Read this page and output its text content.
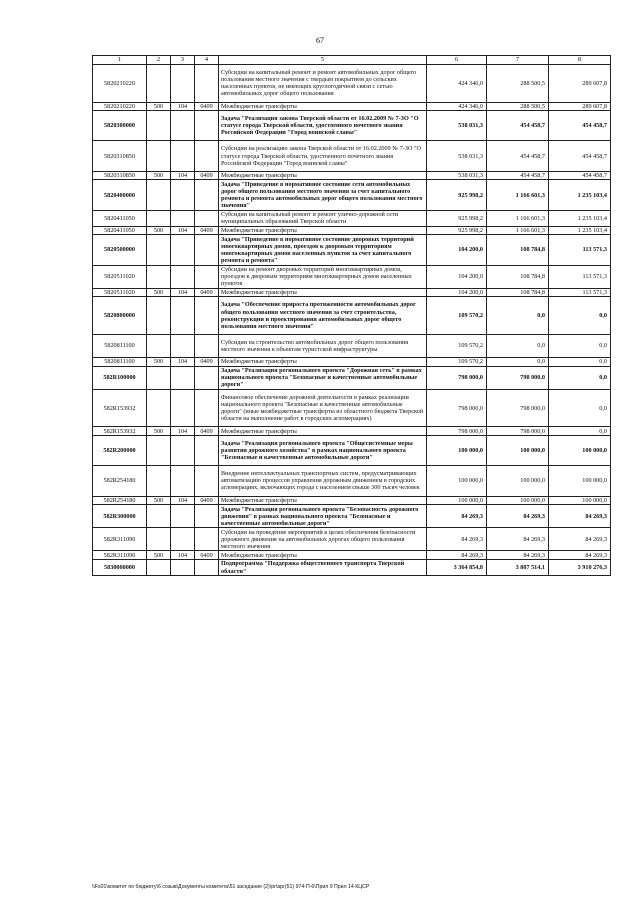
67
1	2	3	4	5	6	7	8
5820210220				Субсидии на капитальный ремонт и ремонт автомобильных дорог общего пользования местного значения с твердым покрытием до сельских населенных пунктов, не имеющих круглогодичной связи с сетью автомобильных дорог общего пользования	424 346,0	288 500,5	289 607,8
5820210220	500	104	0409	Межбюджетные трансферты	424 346,0	288 500,5	289 607,8
5820300000				Задача "Реализация закона Тверской области от 16.02.2009 № 7-ЗО "О статусе города Тверской области, удостоенного почетного звания Российской Федерации "Город воинской славы"	538 031,3	454 458,7	454 458,7
5820310850				Субсидии на реализацию закона Тверской области от 16.02.2009 № 7-ЗО "О статусе города Тверской области, удостоенного почетного звания Российской Федерации "Город воинской славы"	538 031,3	454 458,7	454 458,7
5820310850	500	104	0409	Межбюджетные трансферты	538 031,3	454 458,7	454 458,7
5820400000				Задача "Приведение в нормативное состояние сети автомобильных дорог общего пользования местного значения за счет капитального ремонта и ремонта автомобильных дорог общего пользования местного значения"	925 998,2	1 166 601,3	1 235 103,4
5820411050				Субсидии на капитальный ремонт и ремонт улично-дорожной сети муниципальных образований Тверской области	925 998,2	1 166 601,3	1 235 103,4
5820411050	500	104	0409	Межбюджетные трансферты	925 998,2	1 166 601,3	1 235 103,4
5820500000				Задача "Приведение в нормативное состояние дворовых территорий многоквартирных домов, проездов к дворовым территориям многоквартирных домов населенных пунктов за счет капитального ремонта и ремонта"	104 200,0	108 784,8	113 571,3
5820511020				Субсидии на ремонт дворовых территорий многоквартирных домов, проездов к дворовым территориям многоквартирных домов населенных пунктов	104 200,0	108 784,8	113 571,3
5820511020	500	104	0409	Межбюджетные трансферты	104 200,0	108 784,8	113 571,3
5820800000				Задача "Обеспечение прироста протяженности автомобильных дорог общего пользования местного значения за счет строительства, реконструкции и проектирования автомобильных дорог общего пользования местного значения"	109 570,2	0,0	0,0
5820811100				Субсидии на строительство автомобильных дорог общего пользования местного значения к объектам туристской инфраструктуры	109 570,2	0,0	0,0
5820811100	500	104	0409	Межбюджетные трансферты	109 570,2	0,0	0,0
582R100000				Задача "Реализация регионального проекта "Дорожная сеть" в рамках национального проекта "Безопасные и качественные автомобильные дороги"	798 000,0	798 000,0	0,0
582R153932				Финансовое обеспечение дорожной деятельности в рамках реализации национального проекта "Безопасные и качественные автомобильные дороги" (иные межбюджетные трансферты из областного бюджета Тверской области на выполнение работ в городских агломерациях)	798 000,0	798 000,0	0,0
582R153932	500	104	0409	Межбюджетные трансферты	798 000,0	798 000,0	0,0
582R200000				Задача "Реализация регионального проекта "Общесистемные меры развития дорожного хозяйства" в рамках национального проекта "Безопасные и качественные автомобильные дороги"	100 000,0	100 000,0	100 000,0
582R254180				Внедрение интеллектуальных транспортных систем, предусматривающих автоматизацию процессов управления дорожным движением в городских агломерациях, включающих города с населением свыше 300 тысяч человек	100 000,0	100 000,0	100 000,0
582R254180	500	104	0409	Межбюджетные трансферты	100 000,0	100 000,0	100 000,0
582R300000				Задача "Реализация регионального проекта "Безопасность дорожного движения" в рамках национального проекта "Безопасные и качественные автомобильные дороги"	84 269,3	84 269,3	84 269,3
582R311090				Субсидии на проведение мероприятий в целях обеспечения безопасности дорожного движения на автомобильных дорогах общего пользования местного значения	84 269,3	84 269,3	84 269,3
582R311090	500	104	0409	Межбюджетные трансферты	84 269,3	84 269,3	84 269,3
5830000000				Подпрограмма "Поддержка общественного транспорта Тверской области"	3 364 854,8	3 807 514,1	3 910 276,3
\\Fs01\комитет по бюджету\6 созыв\Документы комитета\51 заседание (2)\pr\арг(51) 974-П-6\Прил 9 Прил 14 КЦСР
